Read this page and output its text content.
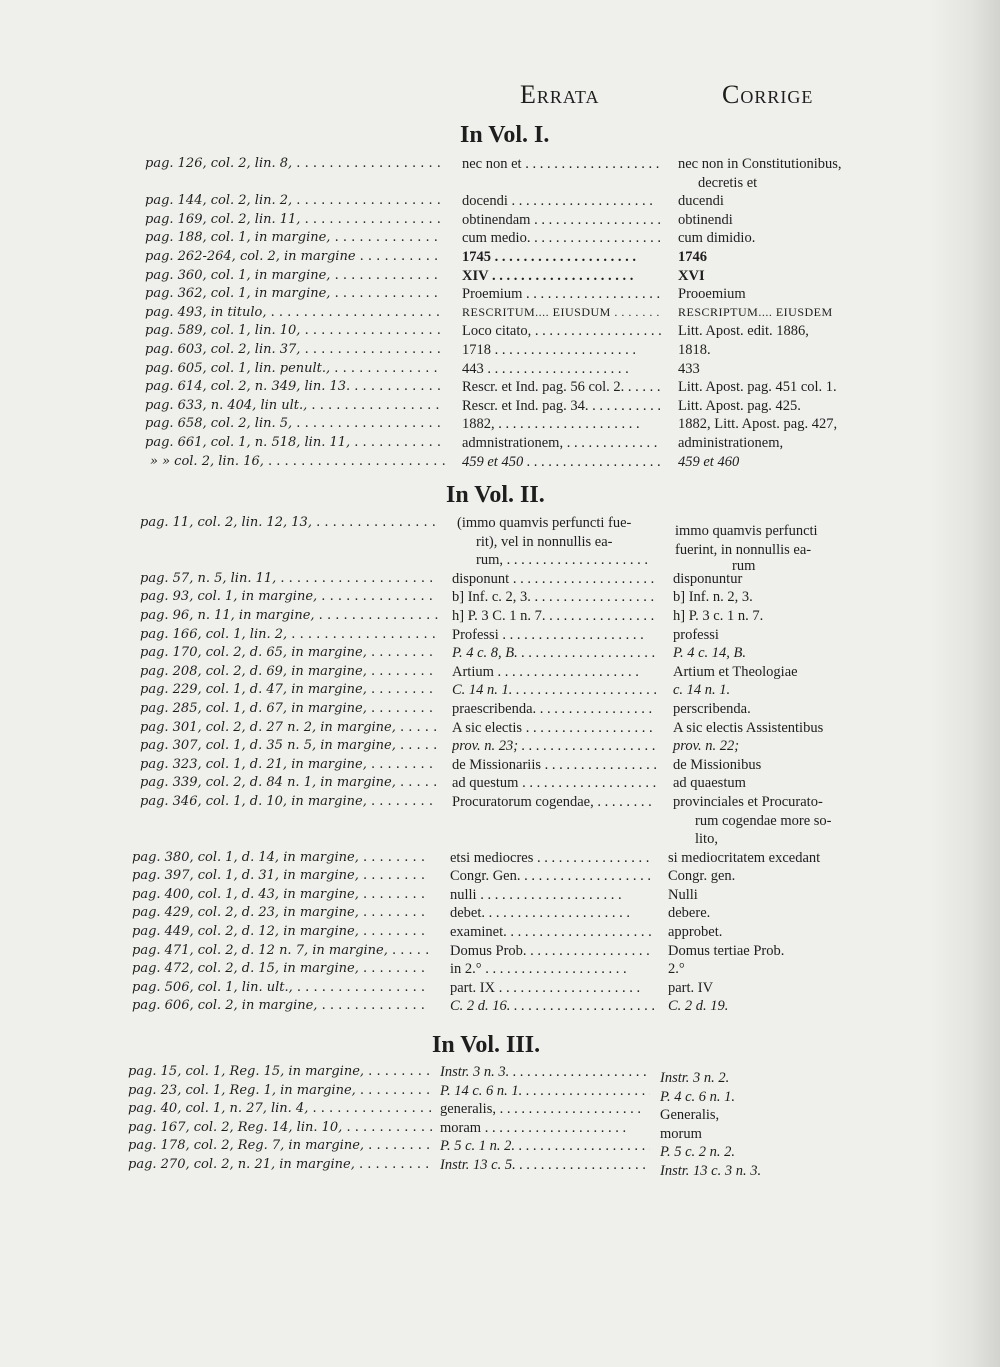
Errata	Corrige
In Vol. I.
pag. 126, col. 2, lin. 8, . . .	nec non et . . .	nec non in Constitutionibus,
decretis et
pag. 144, col. 2, lin. 2, . . .	docendi . . .	ducendi
pag. 169, col. 2, lin. 11, . . .	obtinendam . . .	obtinendi
pag. 188, col. 1, in margine, . . .	cum medio. . . .	cum dimidio.
pag. 262-264, col. 2, in margine . . .	1745 . . .	1746
pag. 360, col. 1, in margine, . . .	XIV . . .	XVI
pag. 362, col. 1, in margine, . . .	Proemium . . .	Prooemium
pag. 493, in titulo, . . .	RESCRITUM.... EIUSDUM . . .	RESCRIPTUM.... EIUSDEM
pag. 589, col. 1, lin. 10, . . .	Loco citato, . . .	Litt. Apost. edit. 1886,
pag. 603, col. 2, lin. 37, . . .	1718 . . .	1818.
pag. 605, col. 1, lin. penult., . . .	443 . . .	433
pag. 614, col. 2, n. 349, lin. 13. . . .	Rescr. et Ind. pag. 56 col. 2. . . .	Litt. Apost. pag. 451 col. 1.
pag. 633, n. 404, lin ult., . . .	Rescr. et Ind. pag. 34. . . .	Litt. Apost. pag. 425.
pag. 658, col. 2, lin. 5, . . .	1882, . . .	1882, Litt. Apost. pag. 427,
pag. 661, col. 1, n. 518, lin. 11, . . .	admnistrationem, . . .	administrationem,
» » col. 2, lin. 16, . . .	459 et 450 . . .	459 et 460
In Vol. II.
pag. 11, col. 2, lin. 12, 13, . . .	(immo quamvis perfuncti fue-	immo quamvis perfuncti
rit), vel in nonnullis ea-	fuerint, in nonnullis ea-
rum, . . .	rum
pag. 57, n. 5, lin. 11, . . .	disponunt . . .	disponuntur
pag. 93, col. 1, in margine, . . .	b] Inf. c. 2, 3. . . .	b] Inf. n. 2, 3.
pag. 96, n. 11, in margine, . . .	h] P. 3 C. 1 n. 7. . . .	h] P. 3 c. 1 n. 7.
pag. 166, col. 1, lin. 2, . . .	Professi . . .	professi
pag. 170, col. 2, d. 65, in margine, . . .	P. 4 c. 8, B. . . .	P. 4 c. 14, B.
pag. 208, col. 2, d. 69, in margine, . . .	Artium . . .	Artium et Theologiae
pag. 229, col. 1, d. 47, in margine, . . .	C. 14 n. 1. . . .	c. 14 n. 1.
pag. 285, col. 1, d. 67, in margine, . . .	praescribenda. . . .	perscribenda.
pag. 301, col. 2, d. 27 n. 2, in margine, . . .	A sic electis . . .	A sic electis Assistentibus
pag. 307, col. 1, d. 35 n. 5, in margine, . . .	prov. n. 23; . . .	prov. n. 22;
pag. 323, col. 1, d. 21, in margine, . . .	de Missionariis . . .	de Missionibus
pag. 339, col. 2, d. 84 n. 1, in margine, . . .	ad questum . . .	ad quaestum
pag. 346, col. 1, d. 10, in margine, . . .	Procuratorum cogendae, . . .	provinciales et Procurato-
rum cogendae more so-
lito,
pag. 380, col. 1, d. 14, in margine, . . .	etsi mediocres . . .	si mediocritatem excedant
pag. 397, col. 1, d. 31, in margine, . . .	Congr. Gen. . . .	Congr. gen.
pag. 400, col. 1, d. 43, in margine, . . .	nulli . . .	Nulli
pag. 429, col. 2, d. 23, in margine, . . .	debet. . . .	debere.
pag. 449, col. 2, d. 12, in margine, . . .	examinet. . . .	approbet.
pag. 471, col. 2, d. 12 n. 7, in margine, . . .	Domus Prob. . . .	Domus tertiae Prob.
pag. 472, col. 2, d. 15, in margine, . . .	in 2.° . . .	2.°
pag. 506, col. 1, lin. ult., . . .	part. IX . . .	part. IV
pag. 606, col. 2, in margine, . . .	C. 2 d. 16. . . .	C. 2 d. 19.
In Vol. III.
pag. 15, col. 1, Reg. 15, in margine, . . .	Instr. 3 n. 3. . . .	Instr. 3 n. 2.
pag. 23, col. 1, Reg. 1, in margine, . . .	P. 14 c. 6 n. 1. . . .	P. 4 c. 6 n. 1.
pag. 40, col. 1, n. 27, lin. 4, . . .	generalis, . . .	Generalis,
pag. 167, col. 2, Reg. 14, lin. 10, . . .	moram . . .	morum
pag. 178, col. 2, Reg. 7, in margine, . . .	P. 5 c. 1 n. 2. . . .	P. 5 c. 2 n. 2.
pag. 270, col. 2, n. 21, in margine, . . .	Instr. 13 c. 5. . . .	Instr. 13 c. 3 n. 3.
